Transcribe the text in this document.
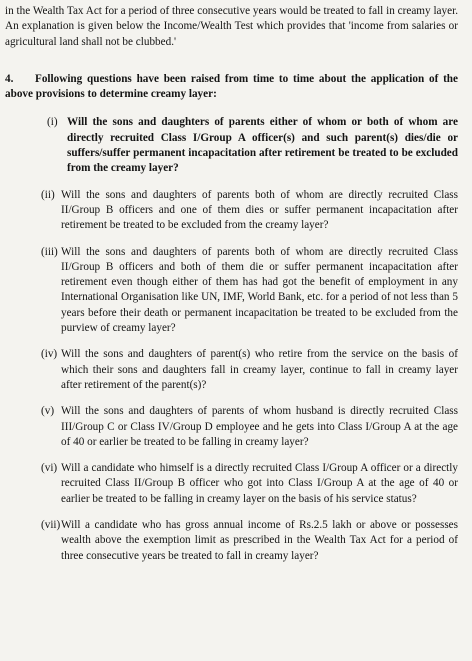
in the Wealth Tax Act for a period of three consecutive years would be treated to fall in creamy layer. An explanation is given below the Income/Wealth Test which provides that 'income from salaries or agricultural land shall not be clubbed.'
4. Following questions have been raised from time to time about the application of the above provisions to determine creamy layer:
(i) Will the sons and daughters of parents either of whom or both of whom are directly recruited Class I/Group A officer(s) and such parent(s) dies/die or suffers/suffer permanent incapacitation after retirement be treated to be excluded from the creamy layer?
(ii) Will the sons and daughters of parents both of whom are directly recruited Class II/Group B officers and one of them dies or suffer permanent incapacitation after retirement be treated to be excluded from the creamy layer?
(iii) Will the sons and daughters of parents both of whom are directly recruited Class II/Group B officers and both of them die or suffer permanent incapacitation after retirement even though either of them has had got the benefit of employment in any International Organisation like UN, IMF, World Bank, etc. for a period of not less than 5 years before their death or permanent incapacitation be treated to be excluded from the purview of creamy layer?
(iv) Will the sons and daughters of parent(s) who retire from the service on the basis of which their sons and daughters fall in creamy layer, continue to fall in creamy layer after retirement of the parent(s)?
(v) Will the sons and daughters of parents of whom husband is directly recruited Class III/Group C or Class IV/Group D employee and he gets into Class I/Group A at the age of 40 or earlier be treated to be falling in creamy layer?
(vi) Will a candidate who himself is a directly recruited Class I/Group A officer or a directly recruited Class II/Group B officer who got into Class I/Group A at the age of 40 or earlier be treated to be falling in creamy layer on the basis of his service status?
(vii) Will a candidate who has gross annual income of Rs.2.5 lakh or above or possesses wealth above the exemption limit as prescribed in the Wealth Tax Act for a period of three consecutive years be treated to fall in creamy layer?
